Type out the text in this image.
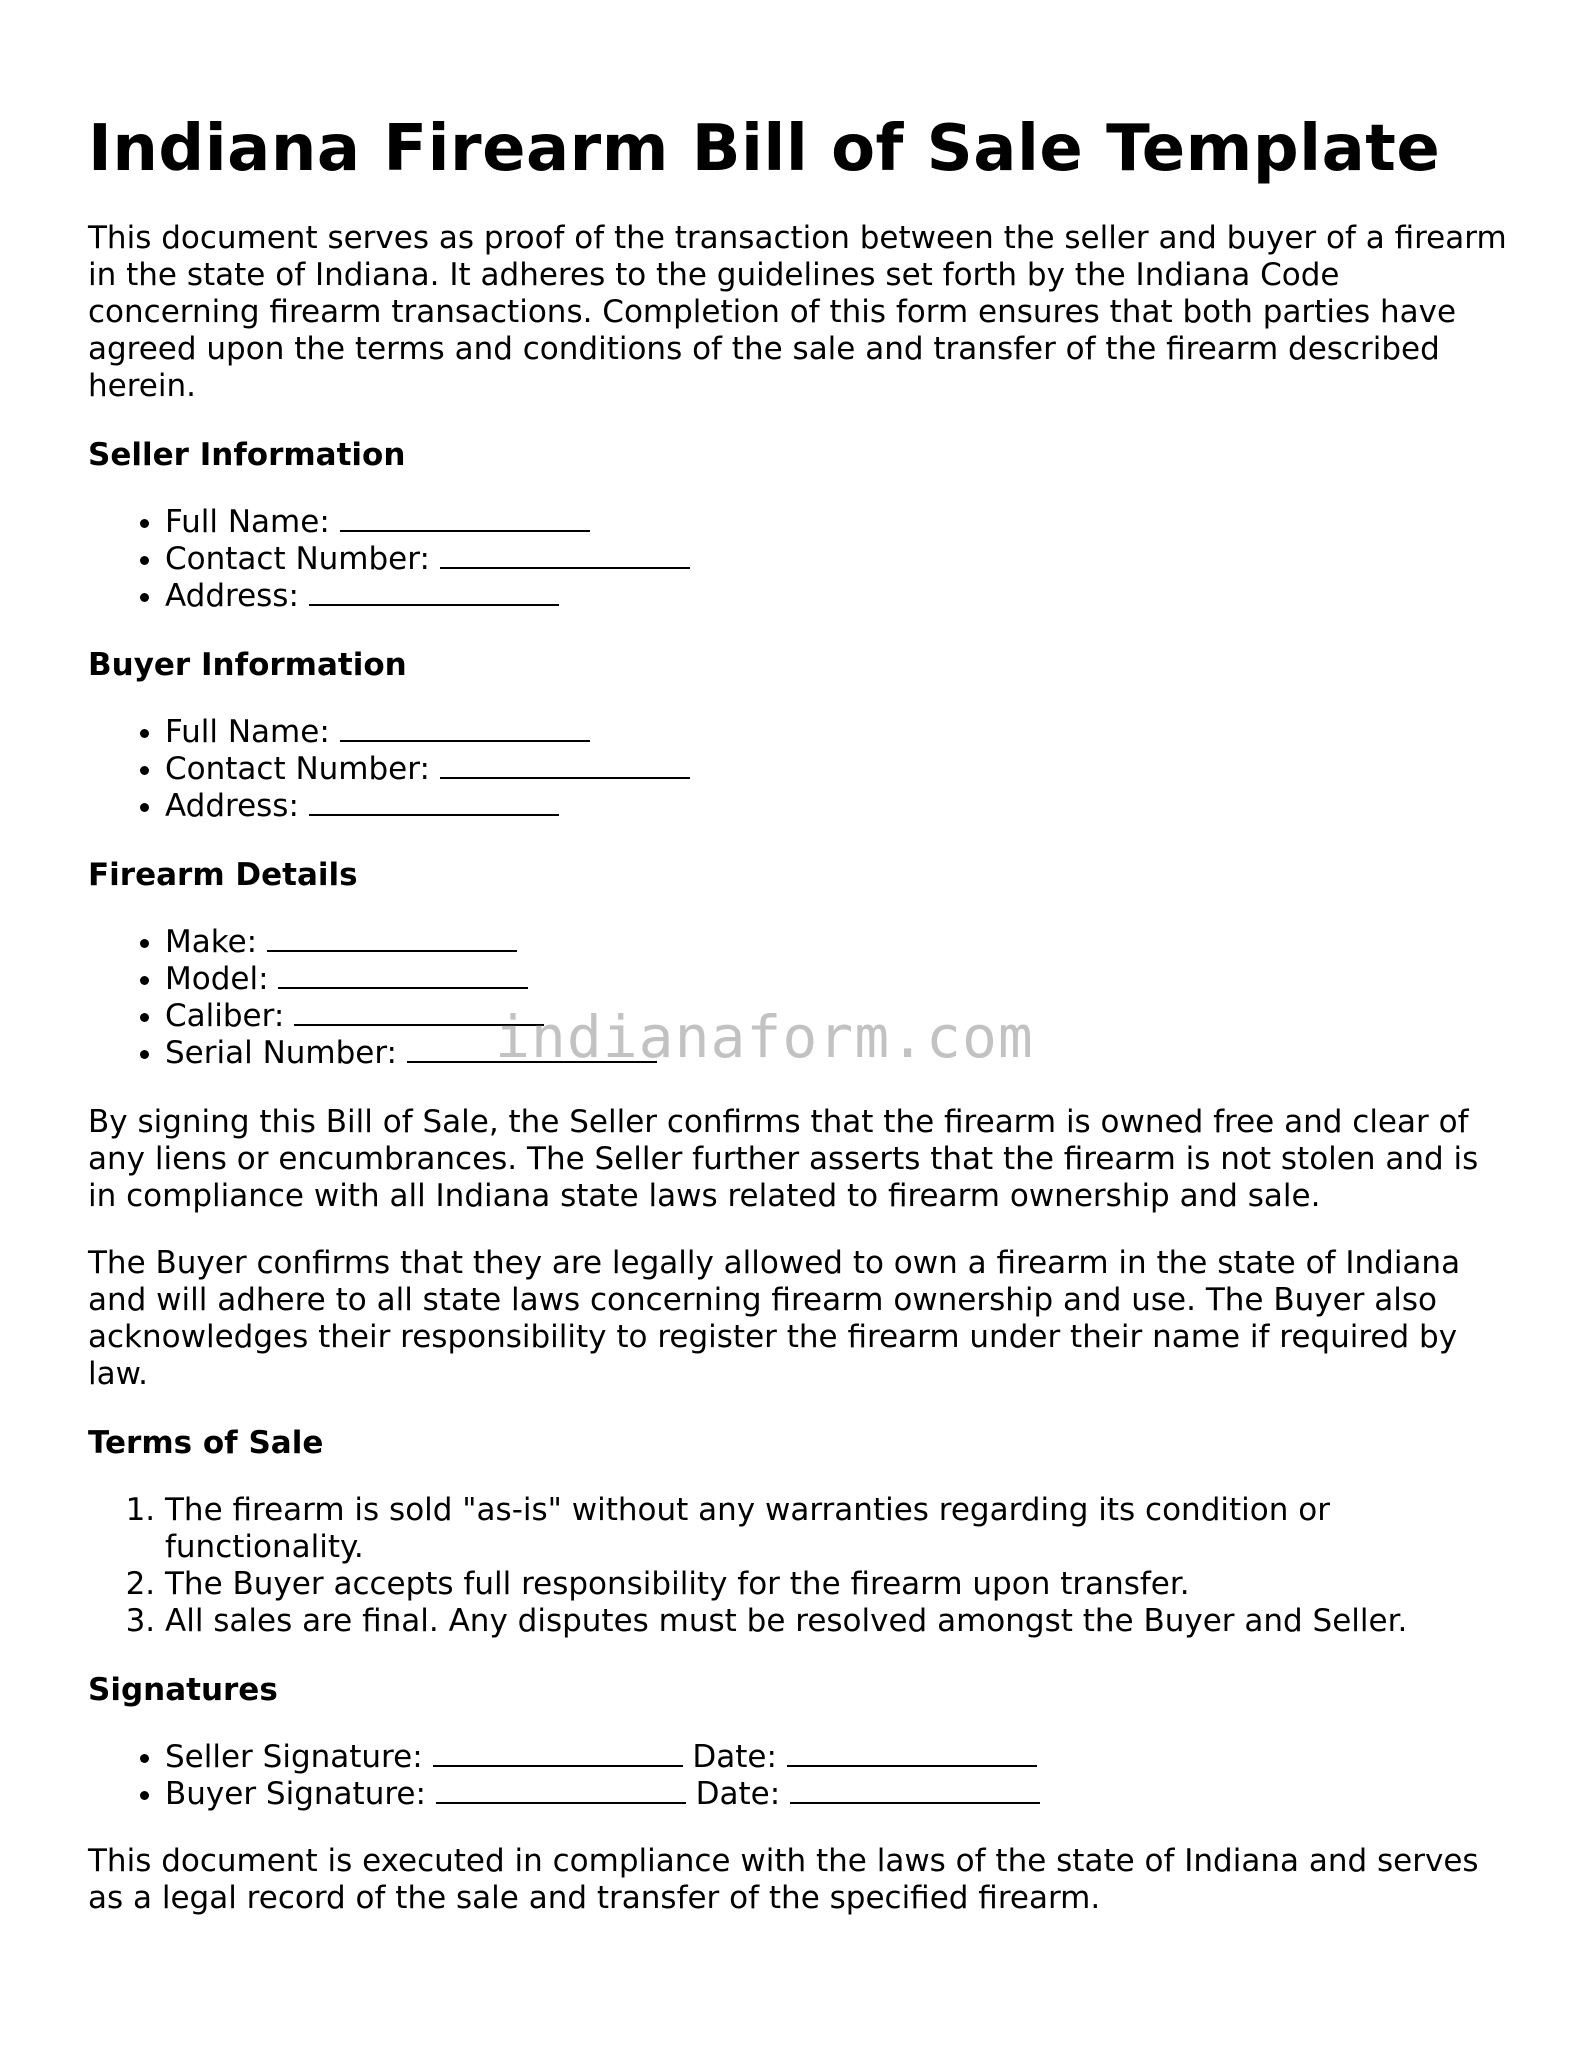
Indiana Firearm Bill of Sale Template

This document serves as proof of the transaction between the seller and buyer of a firearm in the state of Indiana. It adheres to the guidelines set forth by the Indiana Code concerning firearm transactions. Completion of this form ensures that both parties have agreed upon the terms and conditions of the sale and transfer of the firearm described herein.

Seller Information
• Full Name:
• Contact Number:
• Address:
Buyer Information
• Full Name:
• Contact Number:
• Address:
Firearm Details
• Make:
• Model:
• Caliber:
• Serial Number:

By signing this Bill of Sale, the Seller confirms that the firearm is owned free and clear of any liens or encumbrances. The Seller further asserts that the firearm is not stolen and is in compliance with all Indiana state laws related to firearm ownership and sale.

The Buyer confirms that they are legally allowed to own a firearm in the state of Indiana and will adhere to all state laws concerning firearm ownership and use. The Buyer also acknowledges their responsibility to register the firearm under their name if required by law.

Terms of Sale
1. The firearm is sold "as-is" without any warranties regarding its condition or functionality.
2. The Buyer accepts full responsibility for the firearm upon transfer.
3. All sales are final. Any disputes must be resolved amongst the Buyer and Seller.
Signatures
• Seller Signature:	Date:
• Buyer Signature:	Date:

This document is executed in compliance with the laws of the state of Indiana and serves as a legal record of the sale and transfer of the specified firearm.

indianaform.com
